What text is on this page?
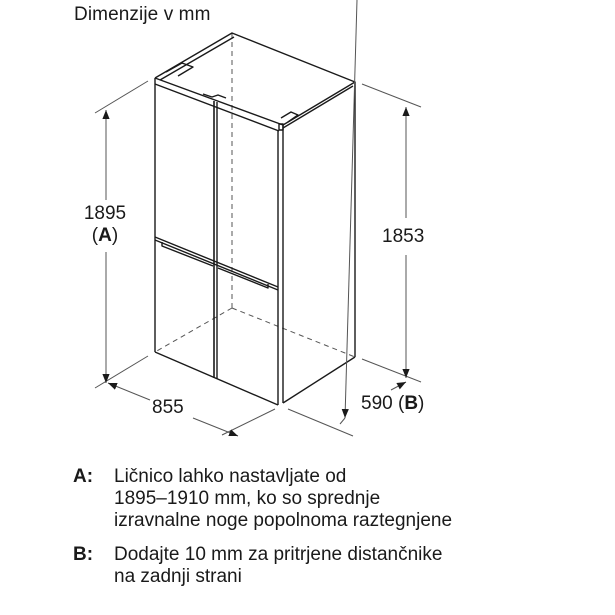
Dimenzije v mm
1895
(A)	1853
855	590 (B)
A: Ličnico lahko nastavljate od
1895–1910 mm, ko so sprednje
izravnalne noge popolnoma raztegnjene
B: Dodajte 10 mm za pritrjene distančnike
na zadnji strani
